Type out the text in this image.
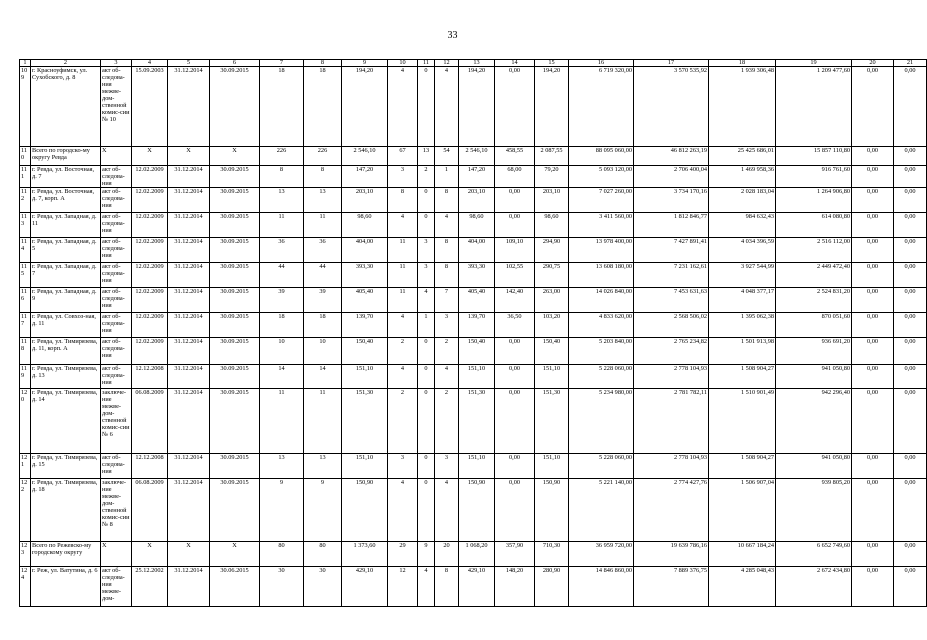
33
1	2	3	4	5	6	7	8	9	10	11	12	13	14	15	16	17	18	19	20	21
109	г. Красноуфимск, ул. Сухобского, д. 8	акт об-следова-ния межве-дом-ственной комис-сии № 10	15.09.2003	31.12.2014	30.09.2015	18	18	194,20	4	0	4	194,20	0,00	194,20	6 719 320,00	3 570 535,92	1 939 306,48	1 209 477,60	0,00	0,00
110	Всего по городско-му округу Ревда	X	X	X	X	226	226	2 546,10	67	13	54	2 546,10	458,55	2 087,55	88 095 060,00	46 812 263,19	25 425 686,01	15 857 110,80	0,00	0,00
111	г. Ревда, ул. Восточная, д. 7	акт об-следова-ния	12.02.2009	31.12.2014	30.09.2015	8	8	147,20	3	2	1	147,20	68,00	79,20	5 093 120,00	2 706 400,04	1 469 958,36	916 761,60	0,00	0,00
112	г. Ревда, ул. Восточная, д. 7, корп. А	акт об-следова-ния	12.02.2009	31.12.2014	30.09.2015	13	13	203,10	8	0	8	203,10	0,00	203,10	7 027 260,00	3 734 170,16	2 028 183,04	1 264 906,80	0,00	0,00
113	г. Ревда, ул. Западная, д. 11	акт об-следова-ния	12.02.2009	31.12.2014	30.09.2015	11	11	98,60	4	0	4	98,60	0,00	98,60	3 411 560,00	1 812 846,77	984 632,43	614 080,80	0,00	0,00
114	г. Ревда, ул. Западная, д. 5	акт об-следова-ния	12.02.2009	31.12.2014	30.09.2015	36	36	404,00	11	3	8	404,00	109,10	294,90	13 978 400,00	7 427 891,41	4 034 396,59	2 516 112,00	0,00	0,00
115	г. Ревда, ул. Западная, д. 7	акт об-следова-ния	12.02.2009	31.12.2014	30.09.2015	44	44	393,30	11	3	8	393,30	102,55	290,75	13 608 180,00	7 231 162,61	3 927 544,99	2 449 472,40	0,00	0,00
116	г. Ревда, ул. Западная, д. 9	акт об-следова-ния	12.02.2009	31.12.2014	30.09.2015	39	39	405,40	11	4	7	405,40	142,40	263,00	14 026 840,00	7 453 631,63	4 048 377,17	2 524 831,20	0,00	0,00
117	г. Ревда, ул. Совхоз-ная, д. 11	акт об-следова-ния	12.02.2009	31.12.2014	30.09.2015	18	18	139,70	4	1	3	139,70	36,50	103,20	4 833 620,00	2 568 506,02	1 395 062,38	870 051,60	0,00	0,00
118	г. Ревда, ул. Тимирязева, д. 11, корп. А	акт об-следова-ния	12.02.2009	31.12.2014	30.09.2015	10	10	150,40	2	0	2	150,40	0,00	150,40	5 203 840,00	2 765 234,82	1 501 913,98	936 691,20	0,00	0,00
119	г. Ревда, ул. Тимирязева, д. 13	акт об-следова-ния	12.12.2008	31.12.2014	30.09.2015	14	14	151,10	4	0	4	151,10	0,00	151,10	5 228 060,00	2 778 104,93	1 508 904,27	941 050,80	0,00	0,00
120	г. Ревда, ул. Тимирязева, д. 14	заключе-ние межве-дом-ственной комис-сии № 6	06.08.2009	31.12.2014	30.09.2015	11	11	151,30	2	0	2	151,30	0,00	151,30	5 234 980,00	2 781 782,11	1 510 901,49	942 296,40	0,00	0,00
121	г. Ревда, ул. Тимирязева, д. 15	акт об-следова-ния	12.12.2008	31.12.2014	30.09.2015	13	13	151,10	3	0	3	151,10	0,00	151,10	5 228 060,00	2 778 104,93	1 508 904,27	941 050,80	0,00	0,00
122	г. Ревда, ул. Тимирязева, д. 18	заключе-ние межве-дом-ственной комис-сии № 8	06.08.2009	31.12.2014	30.09.2015	9	9	150,90	4	0	4	150,90	0,00	150,90	5 221 140,00	2 774 427,76	1 506 907,04	939 805,20	0,00	0,00
123	Всего по Режевско-му городскому округу	X	X	X	X	80	80	1 373,60	29	9	20	1 068,20	357,90	710,30	36 959 720,00	19 639 786,16	10 667 184,24	6 652 749,60	0,00	0,00
124	г. Реж, ул. Ватутина, д. 6	акт об-следова-ния межве-дом-	25.12.2002	31.12.2014	30.06.2015	30	30	429,10	12	4	8	429,10	148,20	280,90	14 846 860,00	7 889 376,75	4 285 048,43	2 672 434,80	0,00	0,00
